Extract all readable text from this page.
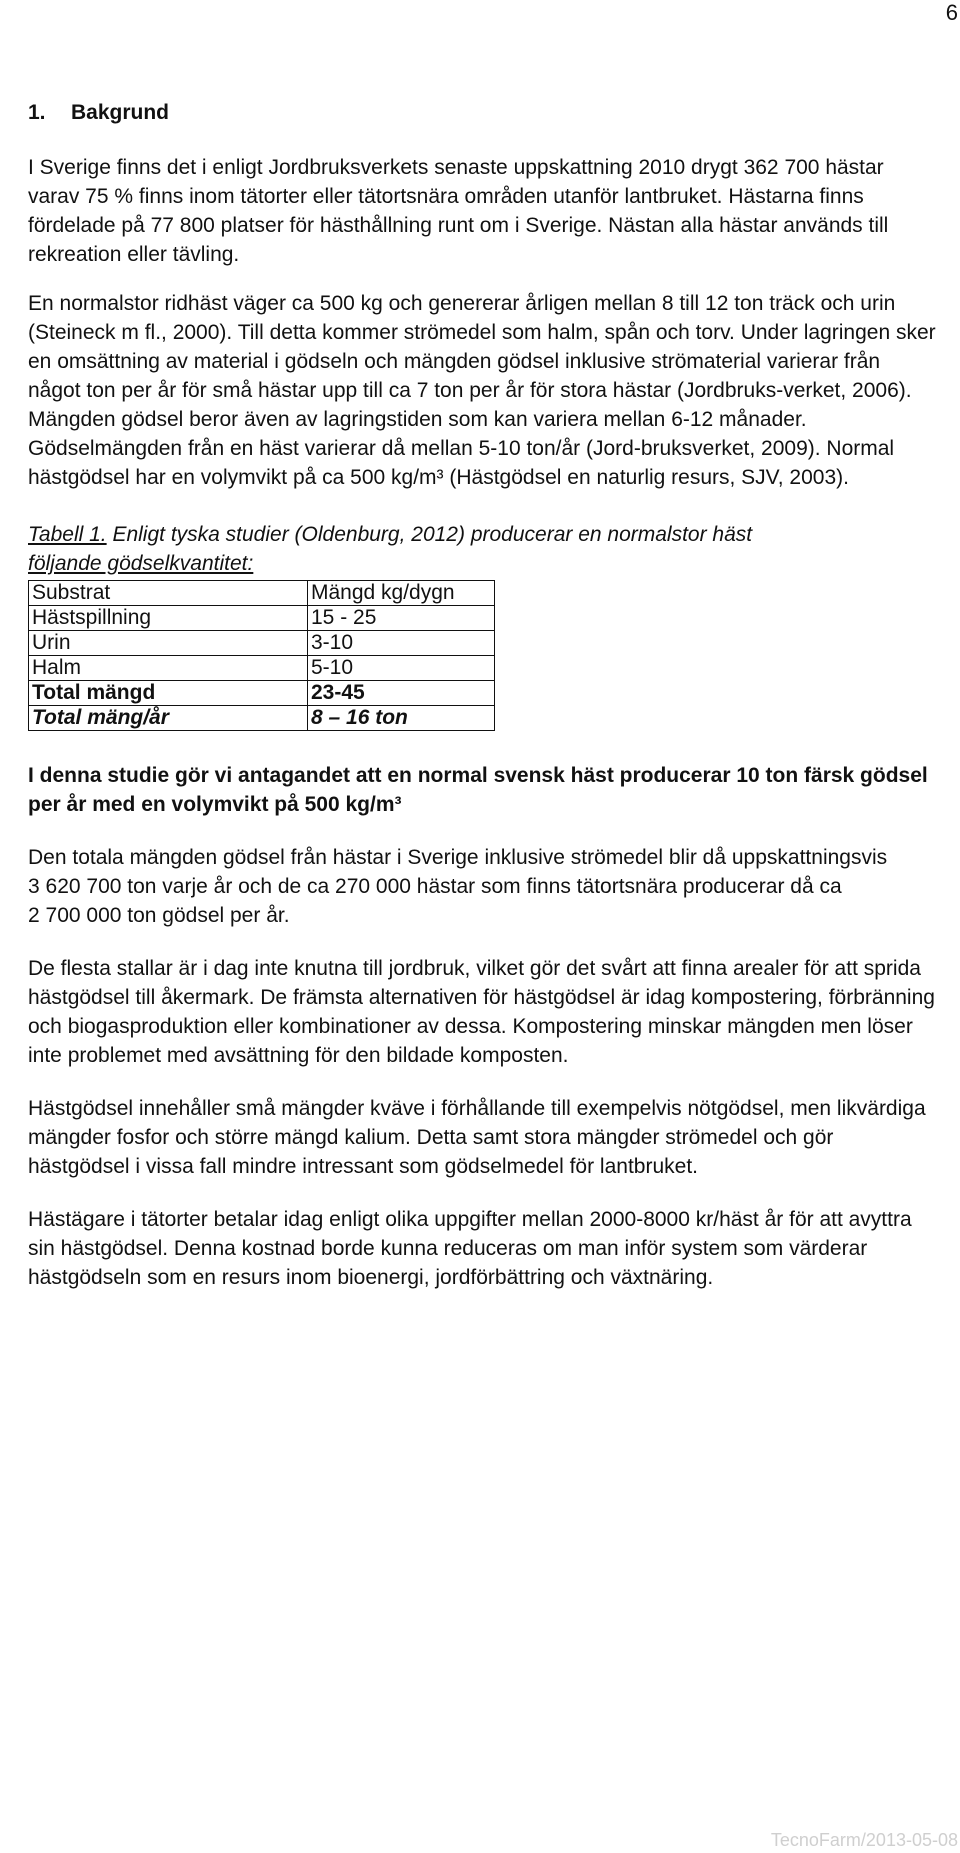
6
1.	Bakgrund

I Sverige finns det i enligt Jordbruksverkets senaste uppskattning 2010 drygt 362 700 hästar varav 75 % finns inom tätorter eller tätortsnära områden utanför lantbruket. Hästarna finns fördelade på 77 800 platser för hästhållning runt om i Sverige. Nästan alla hästar används till rekreation eller tävling.

En normalstor ridhäst väger ca 500 kg och genererar årligen mellan 8 till 12 ton träck och urin (Steineck m fl., 2000). Till detta kommer strömedel som halm, spån och torv. Under lagringen sker en omsättning av material i gödseln och mängden gödsel inklusive strömaterial varierar från något ton per år för små hästar upp till ca 7 ton per år för stora hästar (Jordbruks-verket, 2006). Mängden gödsel beror även av lagringstiden som kan variera mellan 6-12 månader. Gödselmängden från en häst varierar då mellan 5-10 ton/år (Jord-bruksverket, 2009). Normal hästgödsel har en volymvikt på ca 500 kg/m³ (Hästgödsel en naturlig resurs, SJV, 2003).

Tabell 1. Enligt tyska studier (Oldenburg, 2012) producerar en normalstor häst
följande gödselkvantitet:
Substrat	Mängd kg/dygn
Hästspillning	15 - 25
Urin	3-10
Halm	5-10
Total mängd	23-45
Total mäng/år	8 – 16 ton

I denna studie gör vi antagandet att en normal svensk häst producerar 10 ton färsk gödsel per år med en volymvikt på 500 kg/m³

Den totala mängden gödsel från hästar i Sverige inklusive strömedel blir då uppskattningsvis

3 620 700 ton varje år och de ca 270 000 hästar som finns tätortsnära producerar då ca

2 700 000 ton gödsel per år.

De flesta stallar är i dag inte knutna till jordbruk, vilket gör det svårt att finna arealer för att sprida hästgödsel till åkermark. De främsta alternativen för hästgödsel är idag kompostering, förbränning och biogasproduktion eller kombinationer av dessa. Kompostering minskar mängden men löser inte problemet med avsättning för den bildade komposten.

Hästgödsel innehåller små mängder kväve i förhållande till exempelvis nötgödsel, men likvärdiga mängder fosfor och större mängd kalium. Detta samt stora mängder strömedel och gör hästgödsel i vissa fall mindre intressant som gödselmedel för lantbruket.

Hästägare i tätorter betalar idag enligt olika uppgifter mellan 2000-8000 kr/häst år för att avyttra sin hästgödsel. Denna kostnad borde kunna reduceras om man inför system som värderar hästgödseln som en resurs inom bioenergi, jordförbättring och växtnäring.

TecnoFarm/2013-05-08
